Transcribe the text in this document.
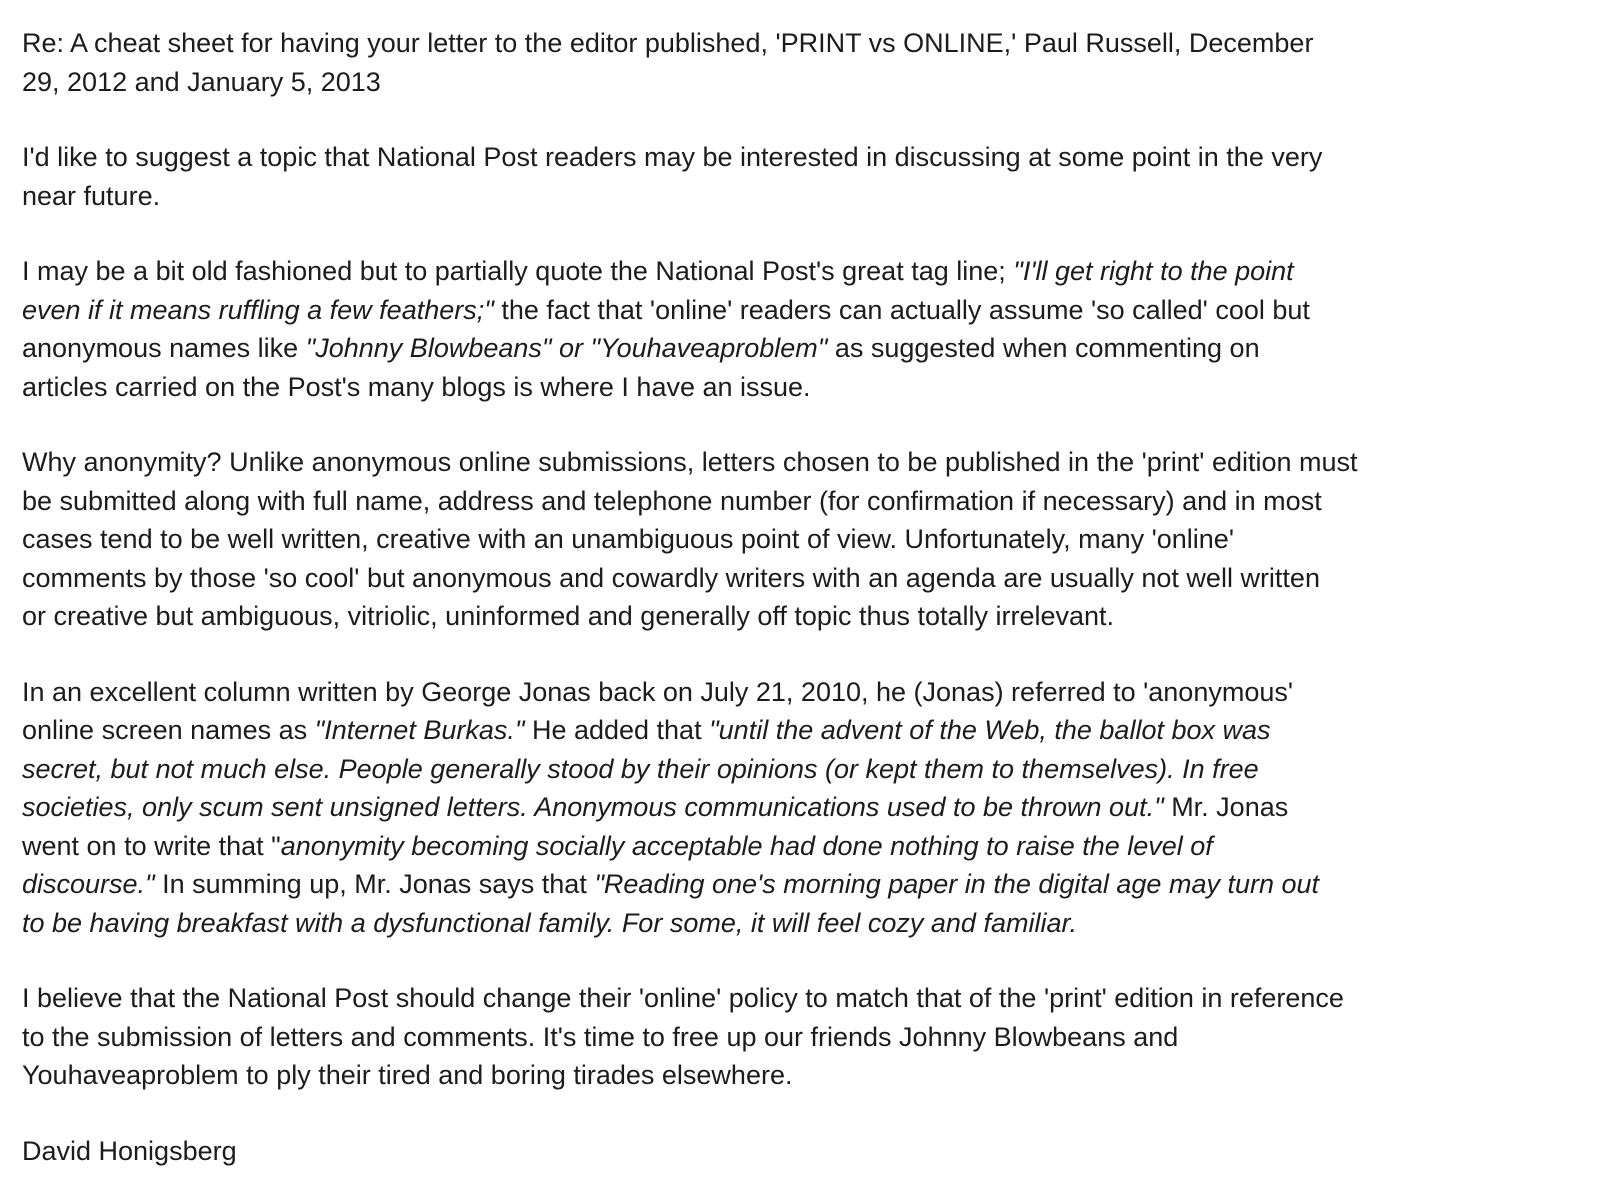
Re: A cheat sheet for having your letter to the editor published, 'PRINT vs ONLINE,' Paul Russell, December
29, 2012 and January 5, 2013

I'd like to suggest a topic that National Post readers may be interested in discussing at some point in the very
near future.

I may be a bit old fashioned but to partially quote the National Post's great tag line; "I'll get right to the point
even if it means ruffling a few feathers;" the fact that 'online' readers can actually assume 'so called' cool but
anonymous names like "Johnny Blowbeans" or "Youhaveaproblem" as suggested when commenting on
articles carried on the Post's many blogs is where I have an issue.

Why anonymity? Unlike anonymous online submissions, letters chosen to be published in the 'print' edition must
be submitted along with full name, address and telephone number (for confirmation if necessary) and in most
cases tend to be well written, creative with an unambiguous point of view. Unfortunately, many 'online'
comments by those 'so cool' but anonymous and cowardly writers with an agenda are usually not well written
or creative but ambiguous, vitriolic, uninformed and generally off topic thus totally irrelevant.

In an excellent column written by George Jonas back on July 21, 2010, he (Jonas) referred to 'anonymous'
online screen names as "Internet Burkas." He added that "until the advent of the Web, the ballot box was
secret, but not much else. People generally stood by their opinions (or kept them to themselves). In free
societies, only scum sent unsigned letters. Anonymous communications used to be thrown out." Mr. Jonas
went on to write that "anonymity becoming socially acceptable had done nothing to raise the level of
discourse." In summing up, Mr. Jonas says that "Reading one's morning paper in the digital age may turn out
to be having breakfast with a dysfunctional family. For some, it will feel cozy and familiar.

I believe that the National Post should change their 'online' policy to match that of the 'print' edition in reference
to the submission of letters and comments. It's time to free up our friends Johnny Blowbeans and
Youhaveaproblem to ply their tired and boring tirades elsewhere.

David Honigsberg
